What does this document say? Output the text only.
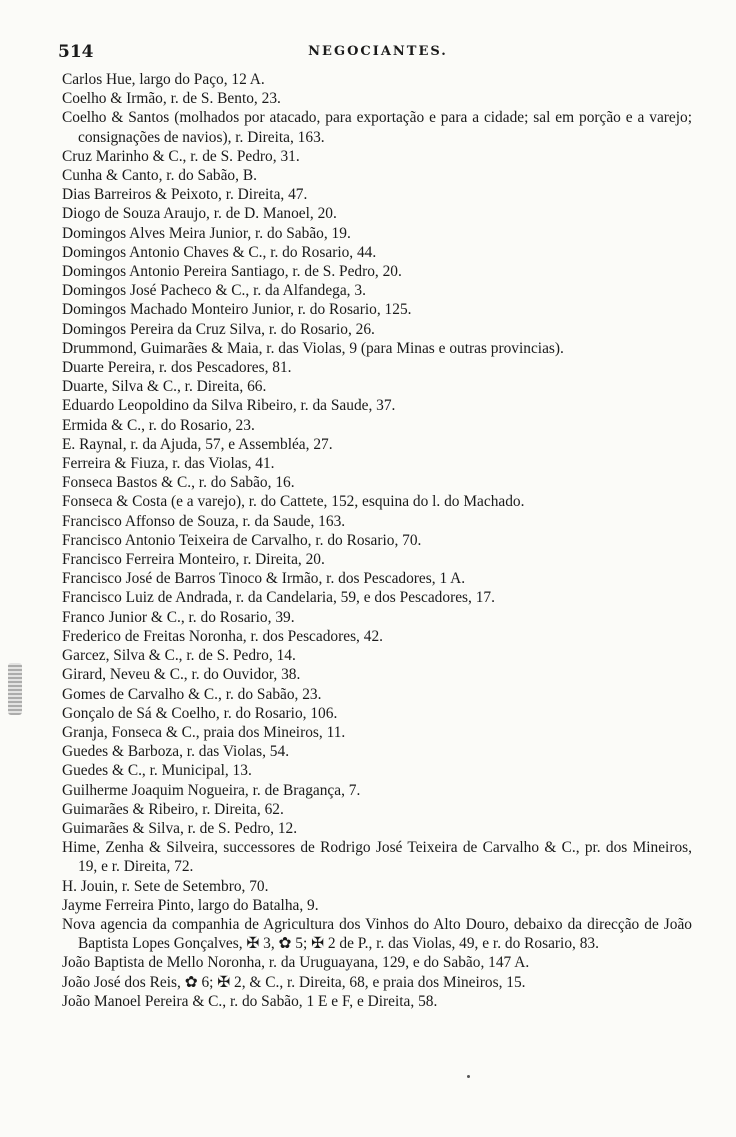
514	NEGOCIANTES.
Carlos Hue, largo do Paço, 12 A.
Coelho & Irmão, r. de S. Bento, 23.
Coelho & Santos (molhados por atacado, para exportação e para a cidade; sal em porção e a varejo; consignações de navios), r. Direita, 163.
Cruz Marinho & C., r. de S. Pedro, 31.
Cunha & Canto, r. do Sabão, B.
Dias Barreiros & Peixoto, r. Direita, 47.
Diogo de Souza Araujo, r. de D. Manoel, 20.
Domingos Alves Meira Junior, r. do Sabão, 19.
Domingos Antonio Chaves & C., r. do Rosario, 44.
Domingos Antonio Pereira Santiago, r. de S. Pedro, 20.
Domingos José Pacheco & C., r. da Alfandega, 3.
Domingos Machado Monteiro Junior, r. do Rosario, 125.
Domingos Pereira da Cruz Silva, r. do Rosario, 26.
Drummond, Guimarães & Maia, r. das Violas, 9 (para Minas e outras provincias).
Duarte Pereira, r. dos Pescadores, 81.
Duarte, Silva & C., r. Direita, 66.
Eduardo Leopoldino da Silva Ribeiro, r. da Saude, 37.
Ermida & C., r. do Rosario, 23.
E. Raynal, r. da Ajuda, 57, e Assembléa, 27.
Ferreira & Fiuza, r. das Violas, 41.
Fonseca Bastos & C., r. do Sabão, 16.
Fonseca & Costa (e a varejo), r. do Cattete, 152, esquina do l. do Machado.
Francisco Affonso de Souza, r. da Saude, 163.
Francisco Antonio Teixeira de Carvalho, r. do Rosario, 70.
Francisco Ferreira Monteiro, r. Direita, 20.
Francisco José de Barros Tinoco & Irmão, r. dos Pescadores, 1 A.
Francisco Luiz de Andrada, r. da Candelaria, 59, e dos Pescadores, 17.
Franco Junior & C., r. do Rosario, 39.
Frederico de Freitas Noronha, r. dos Pescadores, 42.
Garcez, Silva & C., r. de S. Pedro, 14.
Girard, Neveu & C., r. do Ouvidor, 38.
Gomes de Carvalho & C., r. do Sabão, 23.
Gonçalo de Sá & Coelho, r. do Rosario, 106.
Granja, Fonseca & C., praia dos Mineiros, 11.
Guedes & Barboza, r. das Violas, 54.
Guedes & C., r. Municipal, 13.
Guilherme Joaquim Nogueira, r. de Bragança, 7.
Guimarães & Ribeiro, r. Direita, 62.
Guimarães & Silva, r. de S. Pedro, 12.
Hime, Zenha & Silveira, successores de Rodrigo José Teixeira de Carvalho & C., pr. dos Mineiros, 19, e r. Direita, 72.
H. Jouin, r. Sete de Setembro, 70.
Jayme Ferreira Pinto, largo do Batalha, 9.
Nova agencia da companhia de Agricultura dos Vinhos do Alto Douro, debaixo da direcção de João Baptista Lopes Gonçalves, ✠ 3, ✿ 5; ✠ 2 de P., r. das Violas, 49, e r. do Rosario, 83.
João Baptista de Mello Noronha, r. da Uruguayana, 129, e do Sabão, 147 A.
João José dos Reis, ✿ 6; ✠ 2, & C., r. Direita, 68, e praia dos Mineiros, 15.
João Manoel Pereira & C., r. do Sabão, 1 E e F, e Direita, 58.
